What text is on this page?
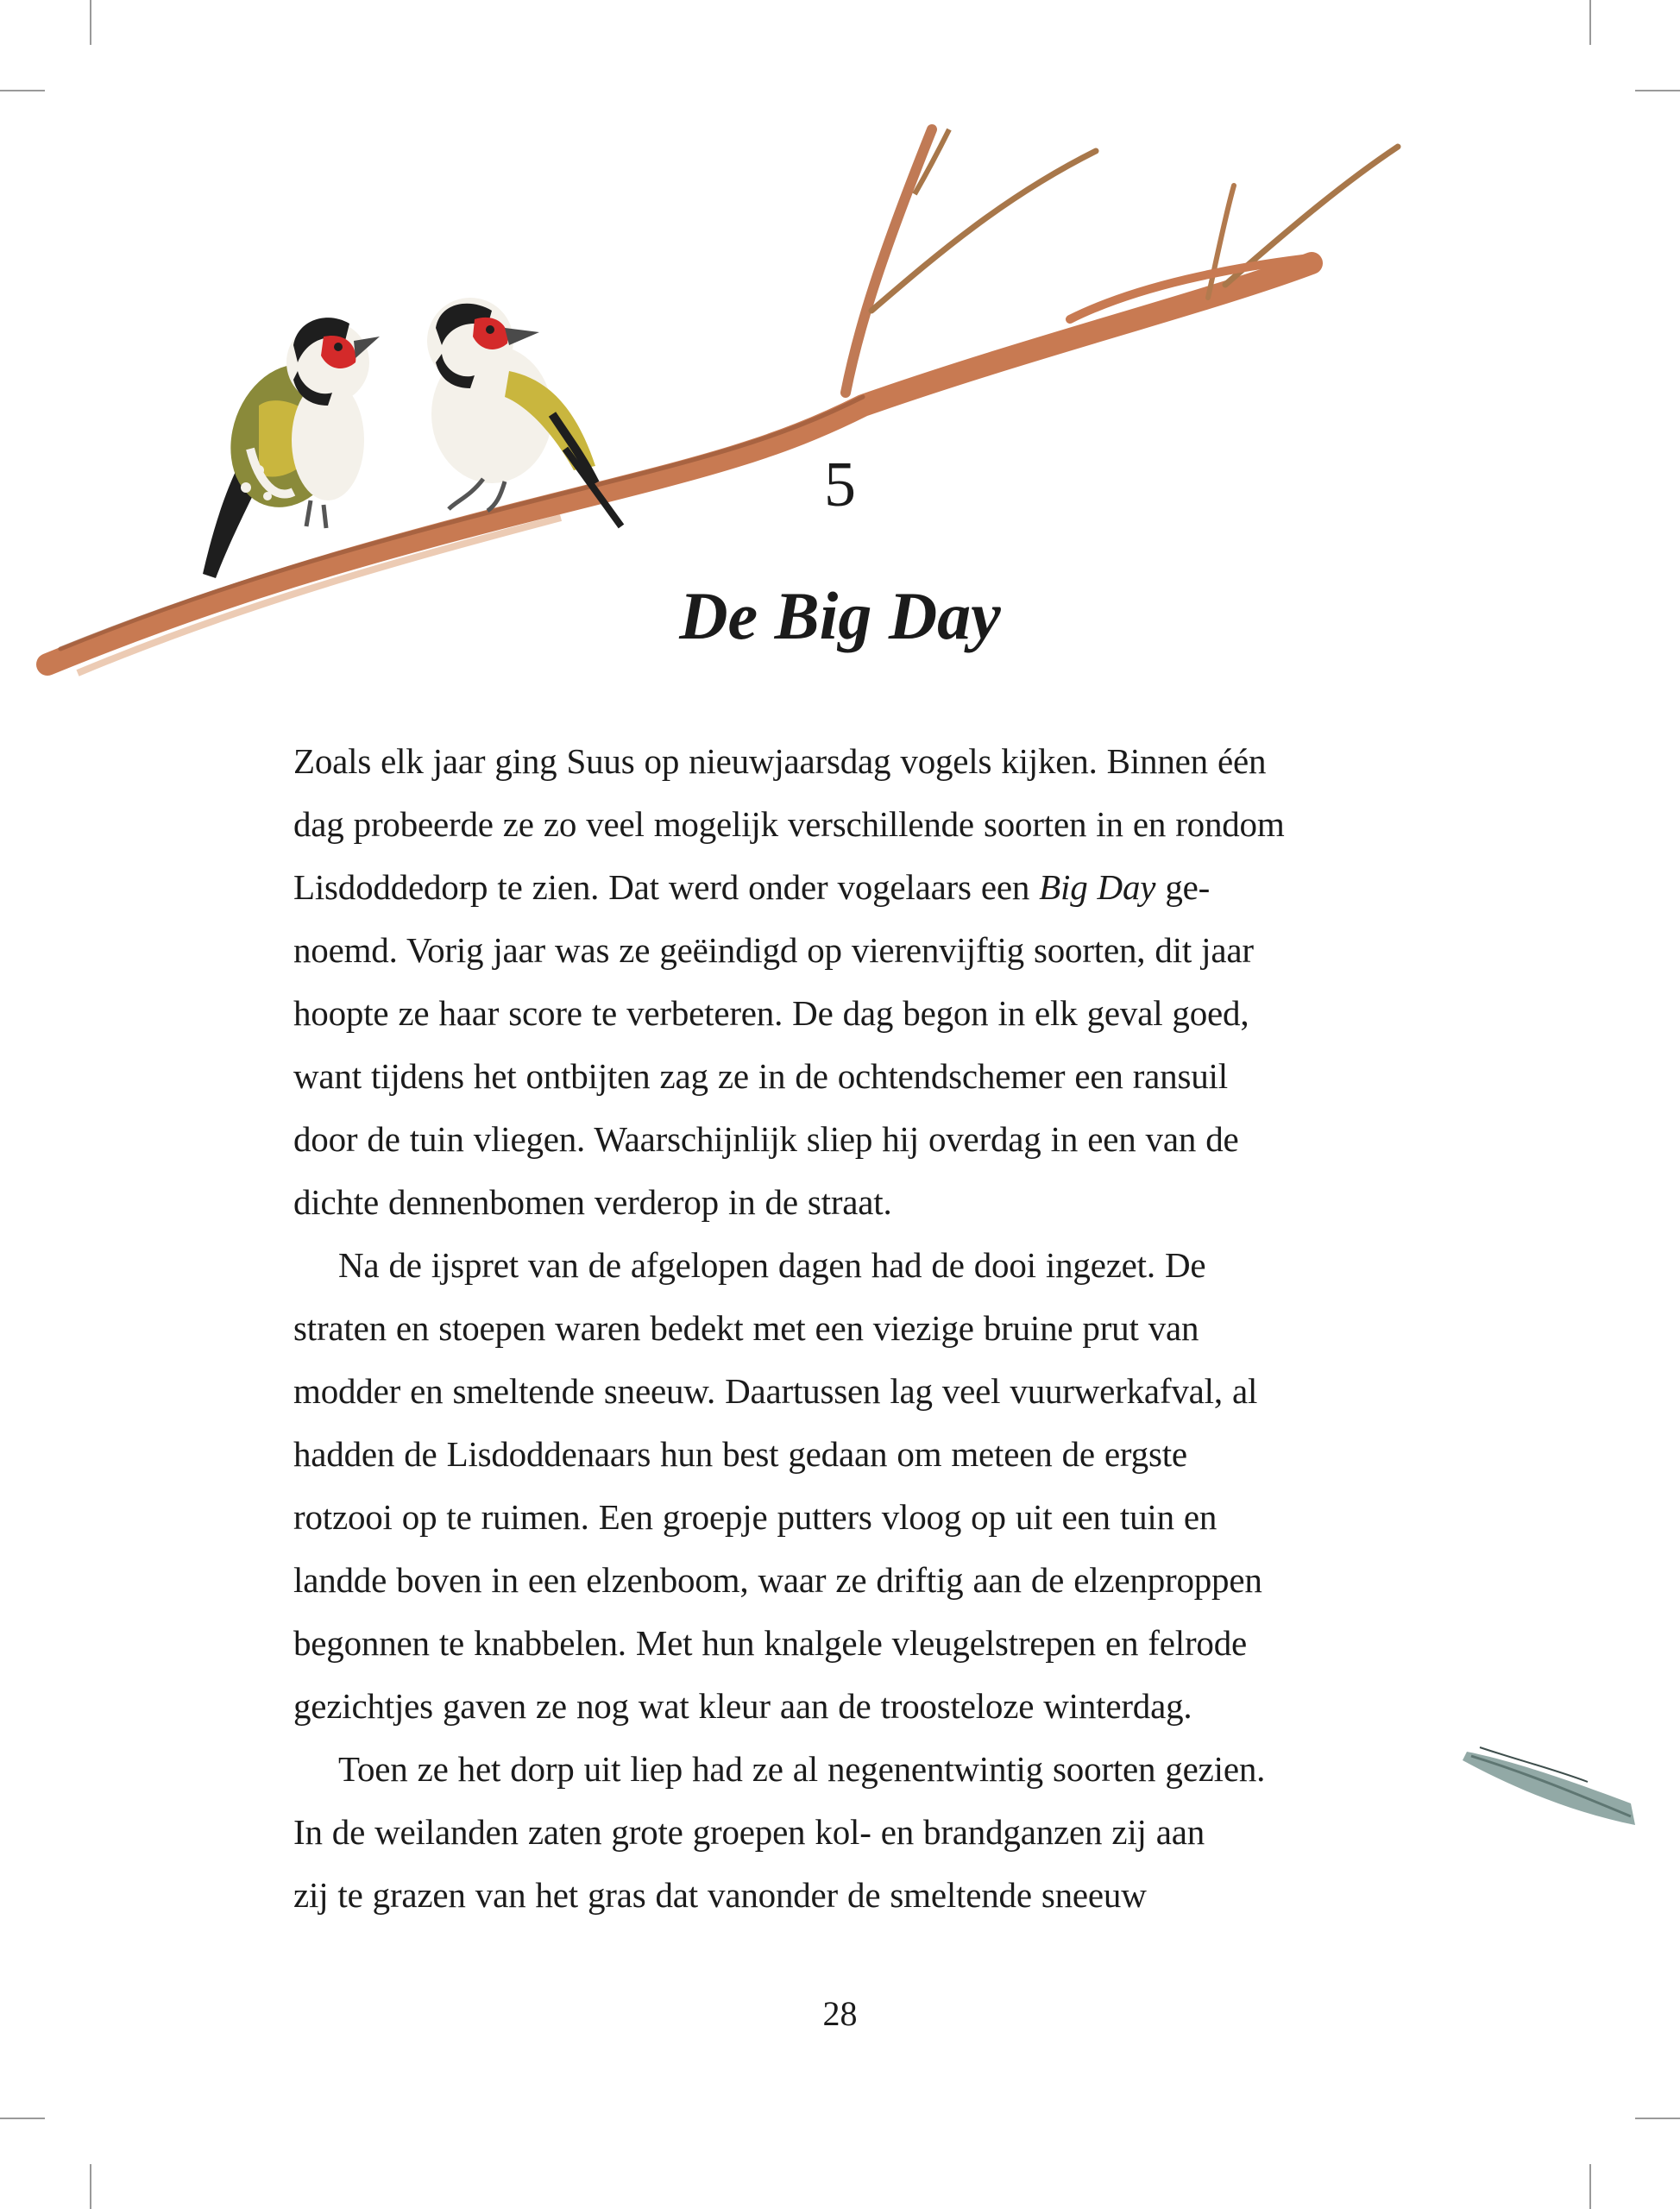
5
De Big Day
Zoals elk jaar ging Suus op nieuwjaarsdag vogels kijken. Binnen één
dag probeerde ze zo veel mogelijk verschillende soorten in en rondom
Lisdoddedorp te zien. Dat werd onder vogelaars een Big Day ge-
noemd. Vorig jaar was ze geëindigd op vierenvijftig soorten, dit jaar
hoopte ze haar score te verbeteren. De dag begon in elk geval goed,
want tijdens het ontbijten zag ze in de ochtendschemer een ransuil
door de tuin vliegen. Waarschijnlijk sliep hij overdag in een van de
dichte dennenbomen verderop in de straat.
Na de ijspret van de afgelopen dagen had de dooi ingezet. De
straten en stoepen waren bedekt met een viezige bruine prut van
modder en smeltende sneeuw. Daartussen lag veel vuurwerkafval, al
hadden de Lisdoddenaars hun best gedaan om meteen de ergste
rotzooi op te ruimen. Een groepje putters vloog op uit een tuin en
landde boven in een elzenboom, waar ze driftig aan de elzenproppen
begonnen te knabbelen. Met hun knalgele vleugelstrepen en felrode
gezichtjes gaven ze nog wat kleur aan de troosteloze winterdag.
Toen ze het dorp uit liep had ze al negenentwintig soorten gezien.
In de weilanden zaten grote groepen kol- en brandganzen zij aan
zij te grazen van het gras dat vanonder de smeltende sneeuw
28
